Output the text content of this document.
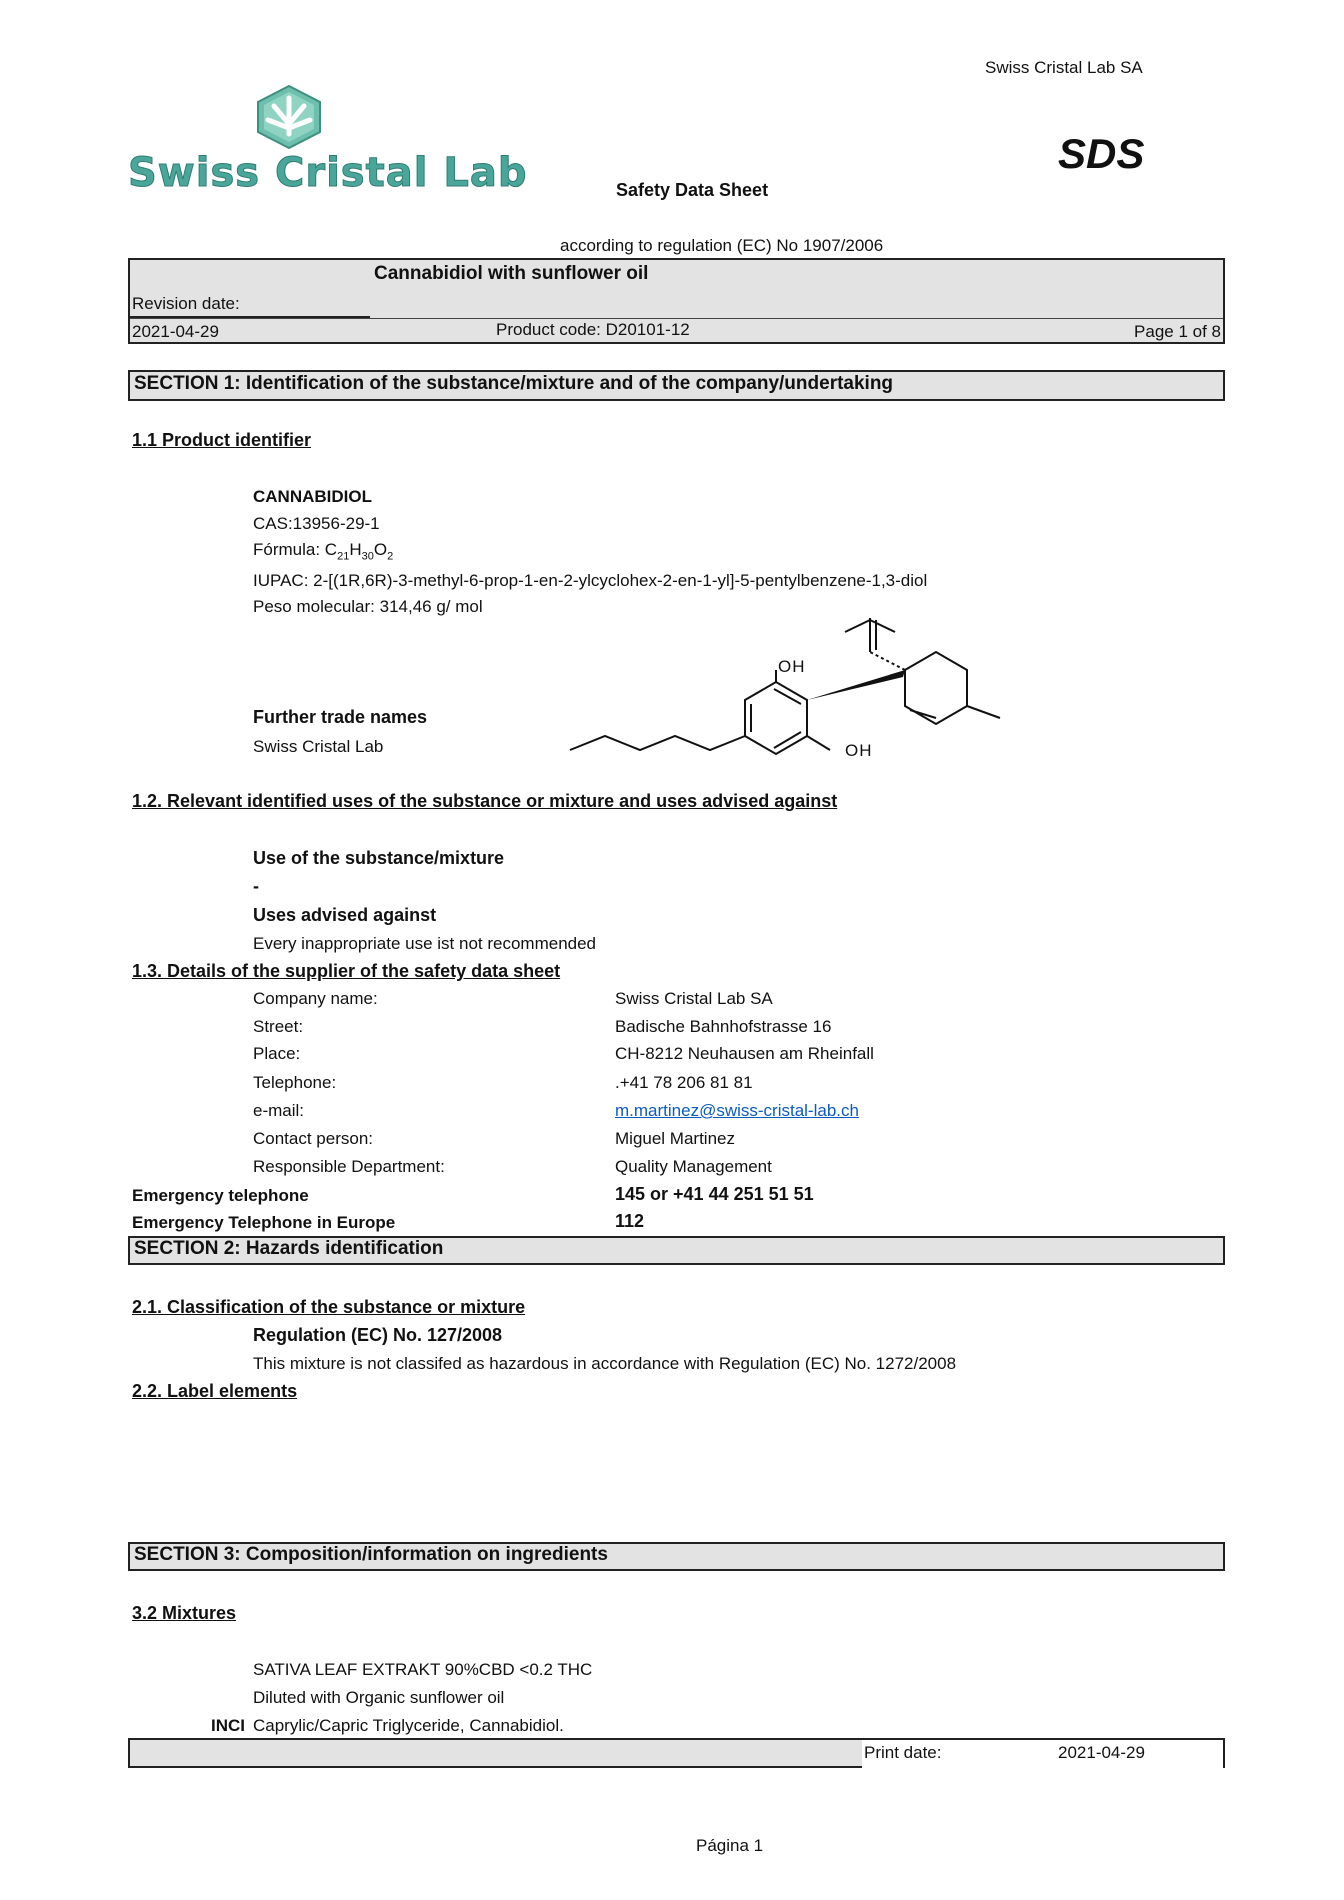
Swiss Cristal Lab SA
Swiss Cristal Lab	Safety Data Sheet
SDS
according to regulation (EC) No 1907/2006
Cannabidiol with sunflower oil
Revision date:
2021-04-29	Product code: D20101-12	Page 1 of 8
SECTION 1: Identification of the substance/mixture and of the company/undertaking
1.1 Product identifier
CANNABIDIOL
CAS:13956-29-1
Fórmula: $C_{21}H_{30}O_2$
IUPAC: 2-[(1R,6R)-3-methyl-6-prop-1-en-2-ylcyclohex-2-en-1-yl]-5-pentylbenzene-1,3-diol
Peso molecular: 314,46 g/ mol
OH
OH
Further trade names
Swiss Cristal Lab
1.2. Relevant identified uses of the substance or mixture and uses advised against
Use of the substance/mixture
-
Uses advised against
Every inappropriate use ist not recommended
1.3. Details of the supplier of the safety data sheet
Company name:	Swiss Cristal Lab SA
Street:	Badische Bahnhofstrasse 16
Place:	CH-8212 Neuhausen am Rheinfall
Telephone:	.+41 78 206 81 81
e-mail:	m.martinez@swiss-cristal-lab.ch
Contact person:	Miguel Martinez
Responsible Department:	Quality Management
Emergency telephone	145 or +41 44 251 51 51
Emergency Telephone in Europe	112
SECTION 2: Hazards identification
2.1. Classification of the substance or mixture
Regulation (EC) No. 127/2008
This mixture is not classifed as hazardous in accordance with Regulation (EC) No. 1272/2008
2.2. Label elements
SECTION 3: Composition/information on ingredients
3.2 Mixtures
SATIVA LEAF EXTRAKT 90%CBD <0.2 THC
Diluted with Organic sunflower oil
INCI Caprylic/Capric Triglyceride, Cannabidiol.
Print date:	2021-04-29
Página 1
